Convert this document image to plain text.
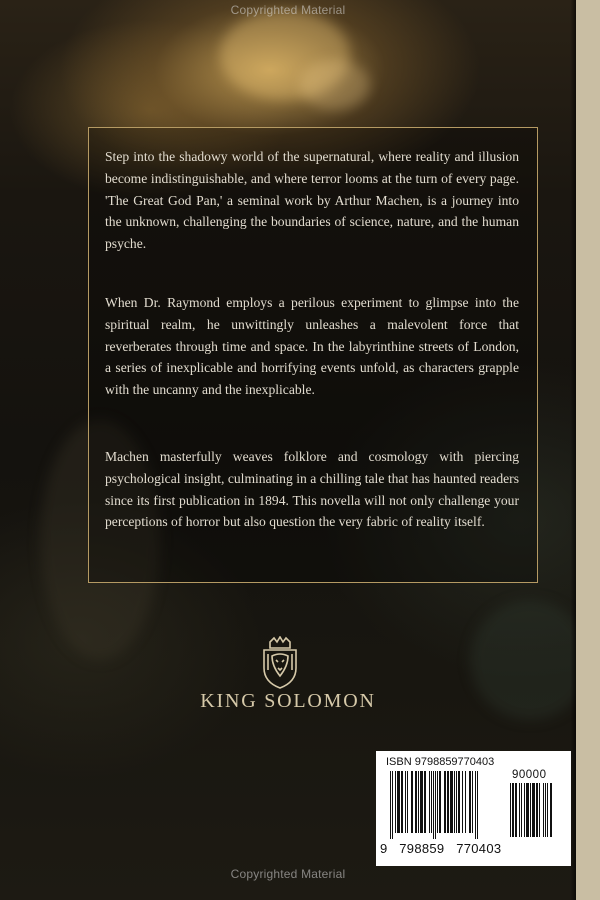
Copyrighted Material

Step into the shadowy world of the supernatural, where reality and illusion become indistinguishable, and where terror looms at the turn of every page. 'The Great God Pan,' a seminal work by Arthur Machen, is a journey into the unknown, challenging the boundaries of science, nature, and the human psyche.

When Dr. Raymond employs a perilous experiment to glimpse into the spiritual realm, he unwittingly unleashes a malevolent force that reverberates through time and space. In the labyrinthine streets of London, a series of inexplicable and horrifying events unfold, as characters grapple with the uncanny and the inexplicable.

Machen masterfully weaves folklore and cosmology with piercing psychological insight, culminating in a chilling tale that has haunted readers since its first publication in 1894. This novella will not only challenge your perceptions of horror but also question the very fabric of reality itself.

KING SOLOMON
ISBN 9798859770403
90000
9 798859 770403
Copyrighted Material
